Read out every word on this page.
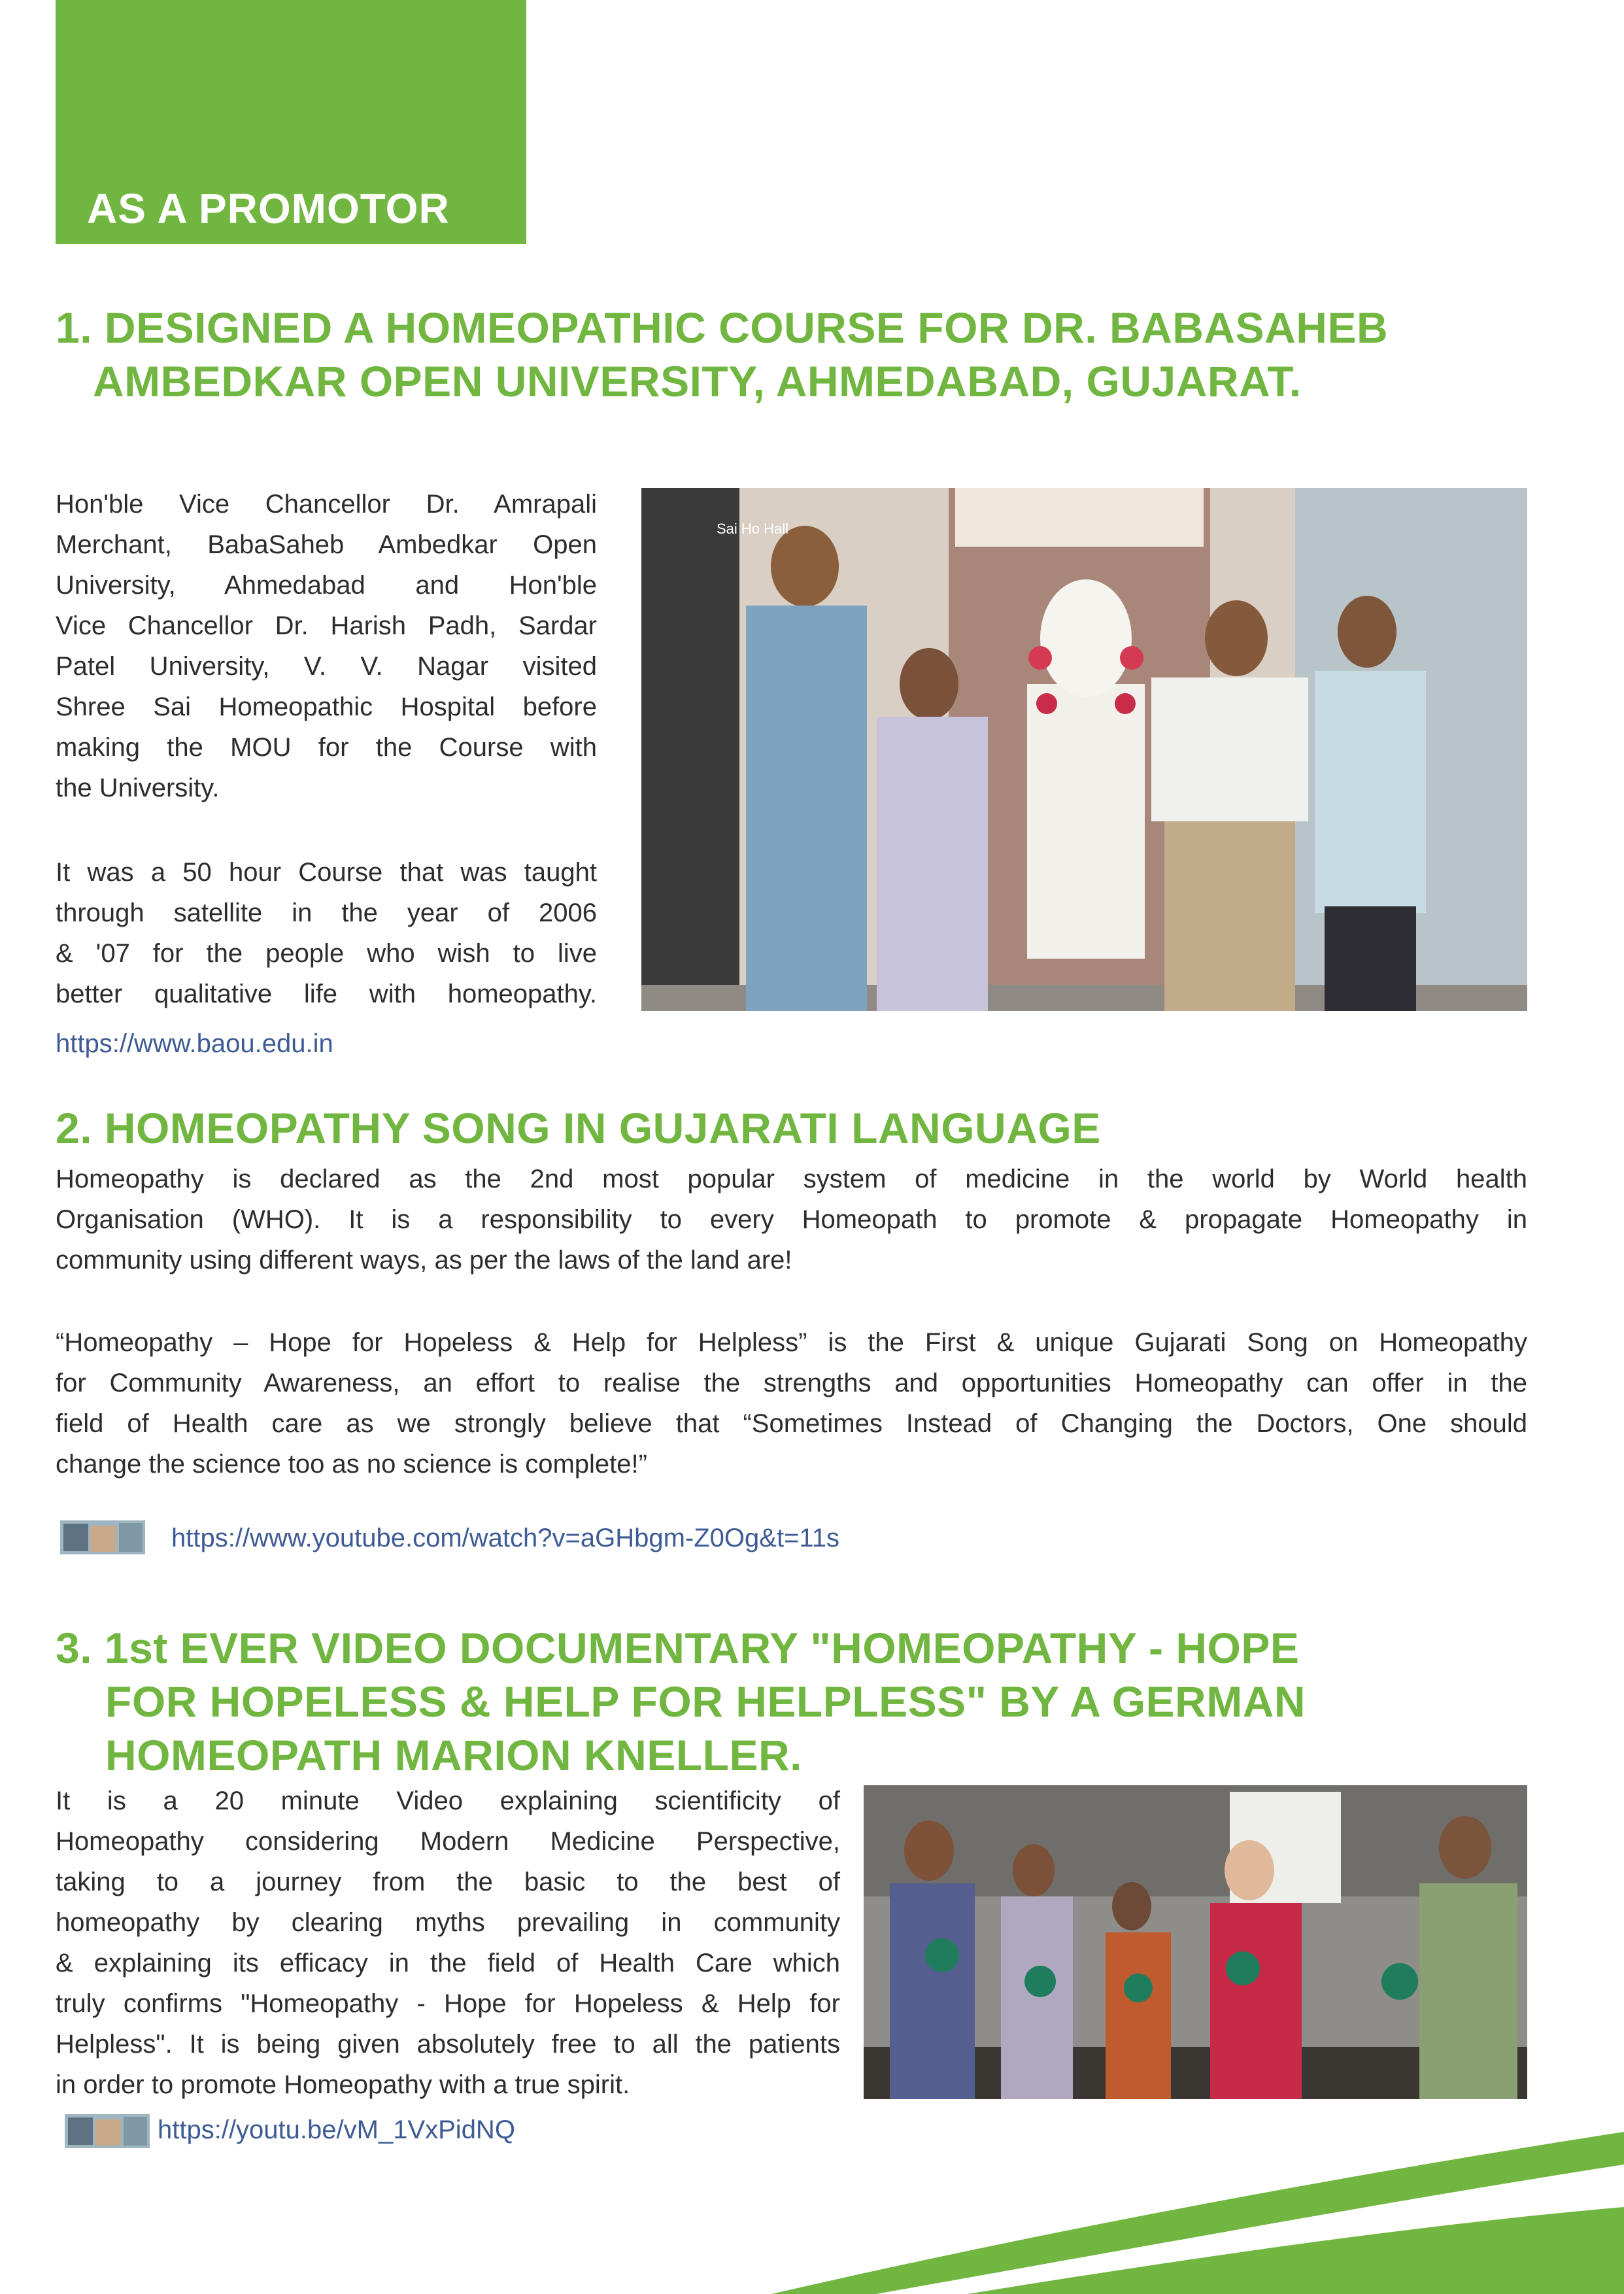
AS A PROMOTOR
1. DESIGNED A HOMEOPATHIC COURSE FOR DR. BABASAHEB
AMBEDKAR OPEN UNIVERSITY, AHMEDABAD, GUJARAT.
Hon'ble Vice Chancellor Dr. Amrapali
Merchant, BabaSaheb Ambedkar Open
University, Ahmedabad and Hon'ble
Vice Chancellor Dr. Harish Padh, Sardar
Patel University, V. V. Nagar visited
Shree Sai Homeopathic Hospital before
making the MOU for the Course with
the University.
It was a 50 hour Course that was taught
through satellite in the year of 2006
& '07 for the people who wish to live
better qualitative life with homeopathy.
https://www.baou.edu.in
Sai Ho Hall
2. HOMEOPATHY SONG IN GUJARATI LANGUAGE
Homeopathy is declared as the 2nd most popular system of medicine in the world by World health
Organisation (WHO). It is a responsibility to every Homeopath to promote & propagate Homeopathy in
community using different ways, as per the laws of the land are!
“Homeopathy – Hope for Hopeless & Help for Helpless” is the First & unique Gujarati Song on Homeopathy
for Community Awareness, an effort to realise the strengths and opportunities Homeopathy can offer in the
field of Health care as we strongly believe that “Sometimes Instead of Changing the Doctors, One should
change the science too as no science is complete!”
https://www.youtube.com/watch?v=aGHbgm-Z0Og&t=11s
3. 1st EVER VIDEO DOCUMENTARY "HOMEOPATHY - HOPE
FOR HOPELESS & HELP FOR HELPLESS" BY A GERMAN
HOMEOPATH MARION KNELLER.
It is a 20 minute Video explaining scientificity of
Homeopathy considering Modern Medicine Perspective,
taking to a journey from the basic to the best of
homeopathy by clearing myths prevailing in community
& explaining its efficacy in the field of Health Care which
truly confirms "Homeopathy - Hope for Hopeless & Help for
Helpless". It is being given absolutely free to all the patients
in order to promote Homeopathy with a true spirit.
https://youtu.be/vM_1VxPidNQ
